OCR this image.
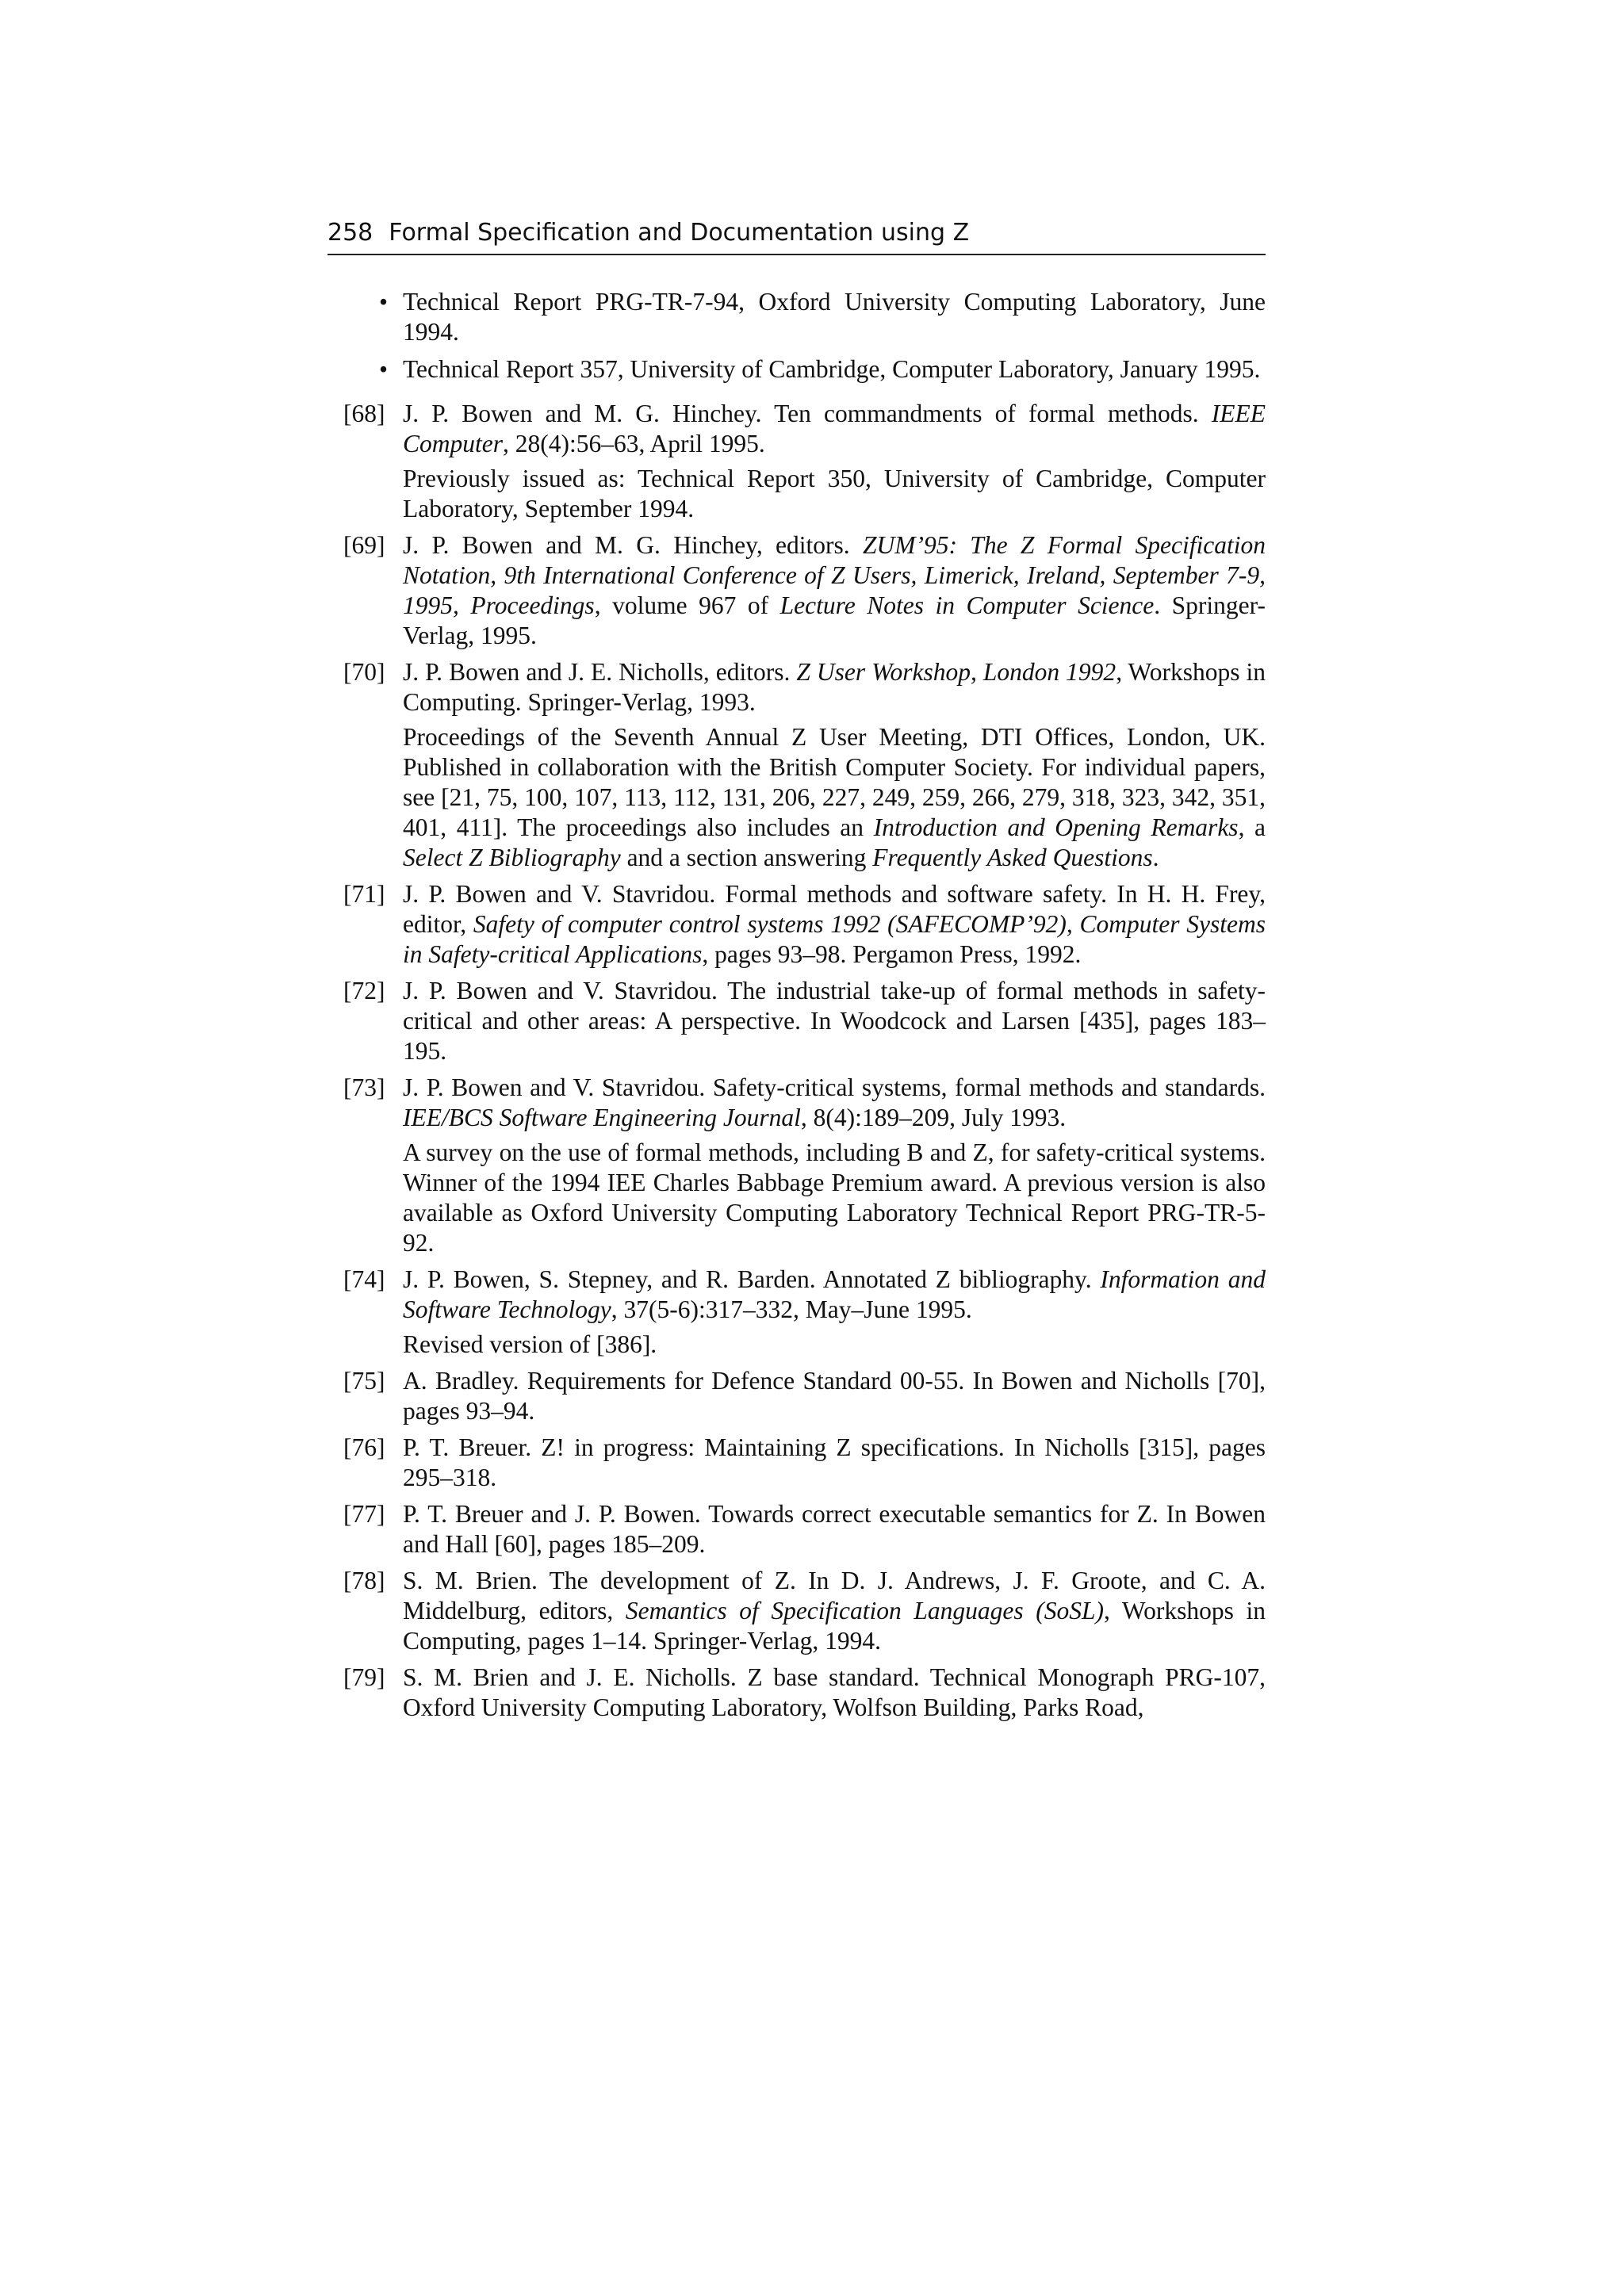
258 Formal Specification and Documentation using Z
• Technical Report PRG-TR-7-94, Oxford University Computing Laboratory, June 1994.
• Technical Report 357, University of Cambridge, Computer Laboratory, January 1995.
[68] J. P. Bowen and M. G. Hinchey. Ten commandments of formal methods. IEEE Computer, 28(4):56–63, April 1995.
Previously issued as: Technical Report 350, University of Cambridge, Computer Laboratory, September 1994.
[69] J. P. Bowen and M. G. Hinchey, editors. ZUM’95: The Z Formal Specification Notation, 9th International Conference of Z Users, Limerick, Ireland, September 7-9, 1995, Proceedings, volume 967 of Lecture Notes in Computer Science. Springer-Verlag, 1995.
[70] J. P. Bowen and J. E. Nicholls, editors. Z User Workshop, London 1992, Workshops in Computing. Springer-Verlag, 1993.
Proceedings of the Seventh Annual Z User Meeting, DTI Offices, London, UK. Published in collaboration with the British Computer Society. For individual papers, see [21, 75, 100, 107, 113, 112, 131, 206, 227, 249, 259, 266, 279, 318, 323, 342, 351, 401, 411]. The proceedings also includes an Introduction and Opening Remarks, a Select Z Bibliography and a section answering Frequently Asked Questions.
[71] J. P. Bowen and V. Stavridou. Formal methods and software safety. In H. H. Frey, editor, Safety of computer control systems 1992 (SAFECOMP’92), Computer Systems in Safety-critical Applications, pages 93–98. Pergamon Press, 1992.
[72] J. P. Bowen and V. Stavridou. The industrial take-up of formal methods in safety-critical and other areas: A perspective. In Woodcock and Larsen [435], pages 183–195.
[73] J. P. Bowen and V. Stavridou. Safety-critical systems, formal methods and standards. IEE/BCS Software Engineering Journal, 8(4):189–209, July 1993.
A survey on the use of formal methods, including B and Z, for safety-critical systems. Winner of the 1994 IEE Charles Babbage Premium award. A previous version is also available as Oxford University Computing Laboratory Technical Report PRG-TR-5-92.
[74] J. P. Bowen, S. Stepney, and R. Barden. Annotated Z bibliography. Information and Software Technology, 37(5-6):317–332, May–June 1995.
Revised version of [386].
[75] A. Bradley. Requirements for Defence Standard 00-55. In Bowen and Nicholls [70], pages 93–94.
[76] P. T. Breuer. Z! in progress: Maintaining Z specifications. In Nicholls [315], pages 295–318.
[77] P. T. Breuer and J. P. Bowen. Towards correct executable semantics for Z. In Bowen and Hall [60], pages 185–209.
[78] S. M. Brien. The development of Z. In D. J. Andrews, J. F. Groote, and C. A. Middelburg, editors, Semantics of Specification Languages (SoSL), Workshops in Computing, pages 1–14. Springer-Verlag, 1994.
[79] S. M. Brien and J. E. Nicholls. Z base standard. Technical Monograph PRG-107, Oxford University Computing Laboratory, Wolfson Building, Parks Road,
